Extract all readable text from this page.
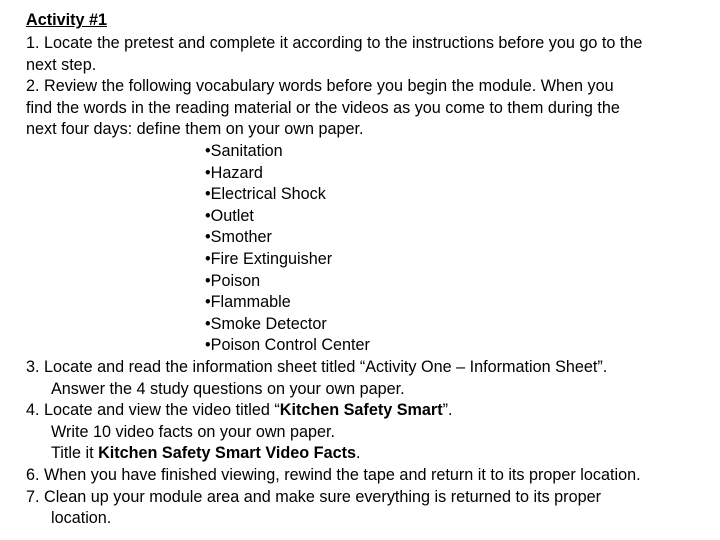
Activity #1
1. Locate the pretest and complete it according to the instructions before you go to the
next step.
2. Review the following vocabulary words before you begin the module. When you
find the words in the reading material or the videos as you come to them during the
next four days: define them on your own paper.
•Sanitation
•Hazard
•Electrical Shock
•Outlet
•Smother
•Fire Extinguisher
•Poison
•Flammable
•Smoke Detector
•Poison Control Center
3. Locate and read the information sheet titled “Activity One – Information Sheet”.
Answer the 4 study questions on your own paper.
4. Locate and view the video titled “Kitchen Safety Smart”.
Write 10 video facts on your own paper.
Title it Kitchen Safety Smart Video Facts.
6. When you have finished viewing, rewind the tape and return it to its proper location.
7. Clean up your module area and make sure everything is returned to its proper
location.
